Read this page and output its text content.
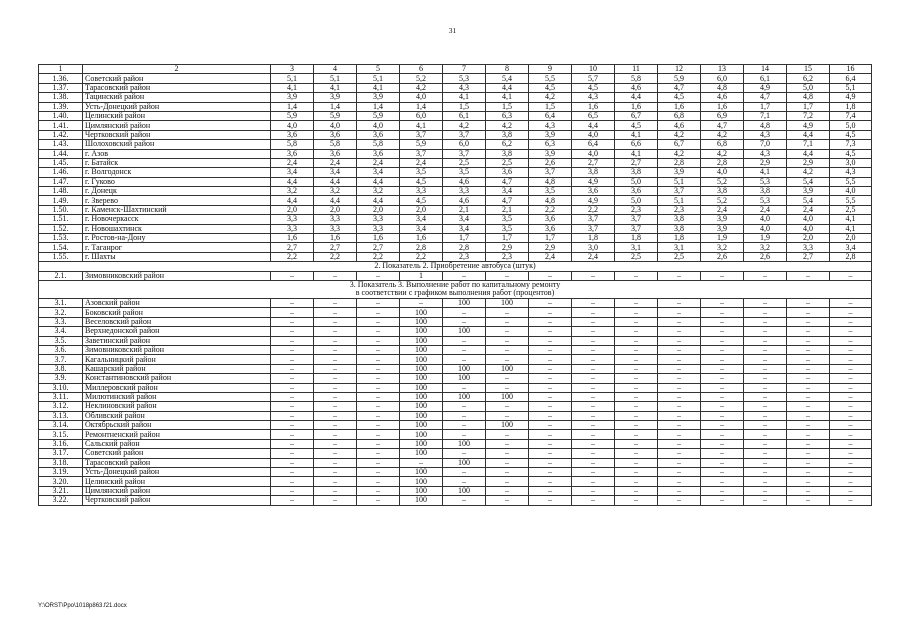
31
1	2	3	4	5	6	7	8	9	10	11	12	13	14	15	16
1.36.	Советский район	5,1	5,1	5,1	5,2	5,3	5,4	5,5	5,7	5,8	5,9	6,0	6,1	6,2	6,4
1.37.	Тарасовский район	4,1	4,1	4,1	4,2	4,3	4,4	4,5	4,5	4,6	4,7	4,8	4,9	5,0	5,1
1.38.	Тацинский район	3,9	3,9	3,9	4,0	4,1	4,1	4,2	4,3	4,4	4,5	4,6	4,7	4,8	4,9
1.39.	Усть-Донецкий район	1,4	1,4	1,4	1,4	1,5	1,5	1,5	1,6	1,6	1,6	1,6	1,7	1,7	1,8
1.40.	Целинский район	5,9	5,9	5,9	6,0	6,1	6,3	6,4	6,5	6,7	6,8	6,9	7,1	7,2	7,4
1.41.	Цимлянский район	4,0	4,0	4,0	4,1	4,2	4,2	4,3	4,4	4,5	4,6	4,7	4,8	4,9	5,0
1.42.	Чертковский район	3,6	3,6	3,6	3,7	3,7	3,8	3,9	4,0	4,1	4,2	4,2	4,3	4,4	4,5
1.43.	Шолоховский район	5,8	5,8	5,8	5,9	6,0	6,2	6,3	6,4	6,6	6,7	6,8	7,0	7,1	7,3
1.44.	г. Азов	3,6	3,6	3,6	3,7	3,7	3,8	3,9	4,0	4,1	4,2	4,2	4,3	4,4	4,5
1.45.	г. Батайск	2,4	2,4	2,4	2,4	2,5	2,5	2,6	2,7	2,7	2,8	2,8	2,9	2,9	3,0
1.46.	г. Волгодонск	3,4	3,4	3,4	3,5	3,5	3,6	3,7	3,8	3,8	3,9	4,0	4,1	4,2	4,3
1.47.	г. Гуково	4,4	4,4	4,4	4,5	4,6	4,7	4,8	4,9	5,0	5,1	5,2	5,3	5,4	5,5
1.48.	г. Донецк	3,2	3,2	3,2	3,3	3,3	3,4	3,5	3,6	3,6	3,7	3,8	3,8	3,9	4,0
1.49.	г. Зверево	4,4	4,4	4,4	4,5	4,6	4,7	4,8	4,9	5,0	5,1	5,2	5,3	5,4	5,5
1.50.	г. Каменск-Шахтинский	2,0	2,0	2,0	2,0	2,1	2,1	2,2	2,2	2,3	2,3	2,4	2,4	2,4	2,5
1.51.	г. Новочеркасск	3,3	3,3	3,3	3,4	3,4	3,5	3,6	3,7	3,7	3,8	3,9	4,0	4,0	4,1
1.52.	г. Новошахтинск	3,3	3,3	3,3	3,4	3,4	3,5	3,6	3,7	3,7	3,8	3,9	4,0	4,0	4,1
1.53.	г. Ростов-на-Дону	1,6	1,6	1,6	1,6	1,7	1,7	1,7	1,8	1,8	1,8	1,9	1,9	2,0	2,0
1.54.	г. Таганрог	2,7	2,7	2,7	2,8	2,8	2,9	2,9	3,0	3,1	3,1	3,2	3,2	3,3	3,4
1.55.	г. Шахты	2,2	2,2	2,2	2,2	2,3	2,3	2,4	2,4	2,5	2,5	2,6	2,6	2,7	2,8
2. Показатель 2. Приобретение автобуса (штук)															
2.1.	Зимовниковский район	–	–	–	1	–	–	–	–	–	–	–	–	–	–
3. Показатель 3. Выполнение работ по капитальному ремонту
в соответствии с графиком выполнения работ (процентов)															
3.1.	Азовский район	–	–	–	–	100	100	–	–	–	–	–	–	–	–
3.2.	Боковский район	–	–	–	100	–	–	–	–	–	–	–	–	–	–
3.3.	Веселовский район	–	–	–	100	–	–	–	–	–	–	–	–	–	–
3.4.	Верхнедонской район	–	–	–	100	100	–	–	–	–	–	–	–	–	–
3.5.	Заветинский район	–	–	–	100	–	–	–	–	–	–	–	–	–	–
3.6.	Зимовниковский район	–	–	–	100	–	–	–	–	–	–	–	–	–	–
3.7.	Кагальницкий район	–	–	–	100	–	–	–	–	–	–	–	–	–	–
3.8.	Кашарский район	–	–	–	100	100	100	–	–	–	–	–	–	–	–
3.9.	Константиновский район	–	–	–	100	100	–	–	–	–	–	–	–	–	–
3.10.	Миллеровский район	–	–	–	100	–	–	–	–	–	–	–	–	–	–
3.11.	Милютинский район	–	–	–	100	100	100	–	–	–	–	–	–	–	–
3.12.	Неклиновский район	–	–	–	100	–	–	–	–	–	–	–	–	–	–
3.13.	Обливский район	–	–	–	100	–	–	–	–	–	–	–	–	–	–
3.14.	Октябрьский район	–	–	–	100	–	100	–	–	–	–	–	–	–	–
3.15.	Ремонтненский район	–	–	–	100	–	–	–	–	–	–	–	–	–	–
3.16.	Сальский район	–	–	–	100	100	–	–	–	–	–	–	–	–	–
3.17.	Советский район	–	–	–	100	–	–	–	–	–	–	–	–	–	–
3.18.	Тарасовский район	–	–	–	–	100	–	–	–	–	–	–	–	–	–
3.19.	Усть-Донецкий район	–	–	–	100	–	–	–	–	–	–	–	–	–	–
3.20.	Целинский район	–	–	–	100	–	–	–	–	–	–	–	–	–	–
3.21.	Цимлянский район	–	–	–	100	100	–	–	–	–	–	–	–	–	–
3.22.	Чертковский район	–	–	–	100	–	–	–	–	–	–	–	–	–	–
Y:\ORST\Ppo\1018p863.f21.docx
